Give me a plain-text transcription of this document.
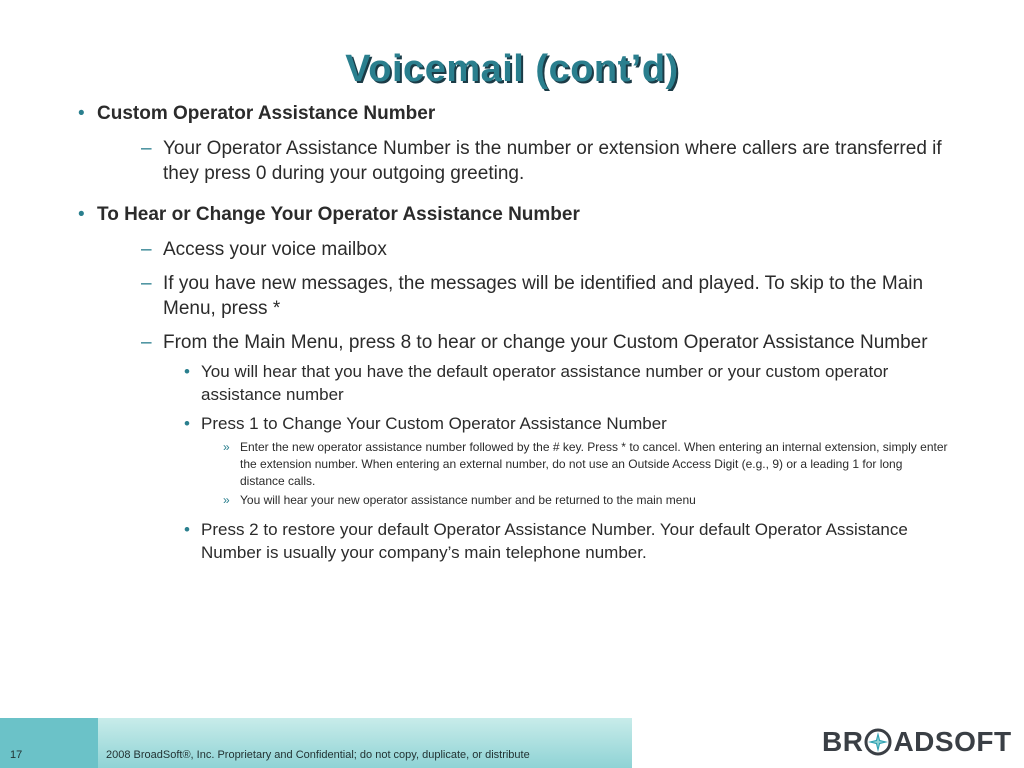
Voicemail (cont’d)
• Custom Operator Assistance Number
– Your Operator Assistance Number is the number or extension where callers are transferred if they press 0 during your outgoing greeting.
• To Hear or Change Your Operator Assistance Number
– Access your voice mailbox
– If you have new messages, the messages will be identified and played. To skip to the Main Menu, press *
– From the Main Menu, press 8 to hear or change your Custom Operator Assistance Number
• You will hear that you have the default operator assistance number or your custom operator assistance number
• Press 1 to Change Your Custom Operator Assistance Number
» Enter the new operator assistance number followed by the # key. Press * to cancel. When entering an internal extension, simply enter the extension number. When entering an external number, do not use an Outside Access Digit (e.g., 9) or a leading 1 for long distance calls.
» You will hear your new operator assistance number and be returned to the main menu
• Press 2 to restore your default Operator Assistance Number. Your default Operator Assistance Number is usually your company’s main telephone number.
17	2008 BroadSoft®, Inc. Proprietary and Confidential; do not copy, duplicate, or distribute	BR ADSOFT
